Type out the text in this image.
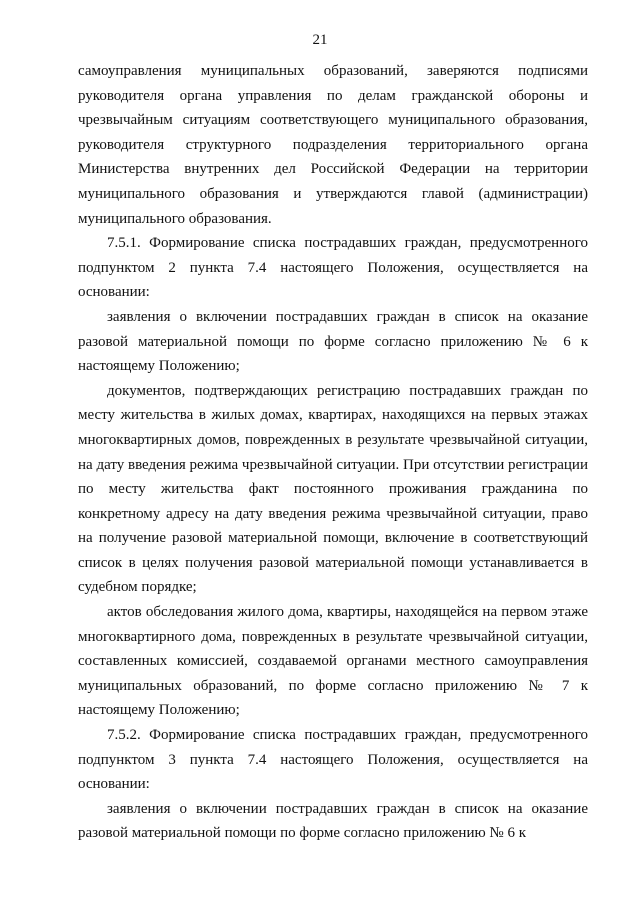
21

самоуправления муниципальных образований, заверяются подписями руководителя органа управления по делам гражданской обороны и чрезвычайным ситуациям соответствующего муниципального образования, руководителя структурного подразделения территориального органа Министерства внутренних дел Российской Федерации на территории муниципального образования и утверждаются главой (администрации) муниципального образования.

7.5.1. Формирование списка пострадавших граждан, предусмотренного подпунктом 2 пункта 7.4 настоящего Положения, осуществляется на основании:

заявления о включении пострадавших граждан в список на оказание разовой материальной помощи по форме согласно приложению № 6 к настоящему Положению;

документов, подтверждающих регистрацию пострадавших граждан по месту жительства в жилых домах, квартирах, находящихся на первых этажах многоквартирных домов, поврежденных в результате чрезвычайной ситуации, на дату введения режима чрезвычайной ситуации. При отсутствии регистрации по месту жительства факт постоянного проживания гражданина по конкретному адресу на дату введения режима чрезвычайной ситуации, право на получение разовой материальной помощи, включение в соответствующий список в целях получения разовой материальной помощи устанавливается в судебном порядке;

актов обследования жилого дома, квартиры, находящейся на первом этаже многоквартирного дома, поврежденных в результате чрезвычайной ситуации, составленных комиссией, создаваемой органами местного самоуправления муниципальных образований, по форме согласно приложению № 7 к настоящему Положению;

7.5.2. Формирование списка пострадавших граждан, предусмотренного подпунктом 3 пункта 7.4 настоящего Положения, осуществляется на основании:

заявления о включении пострадавших граждан в список на оказание разовой материальной помощи по форме согласно приложению № 6 к
